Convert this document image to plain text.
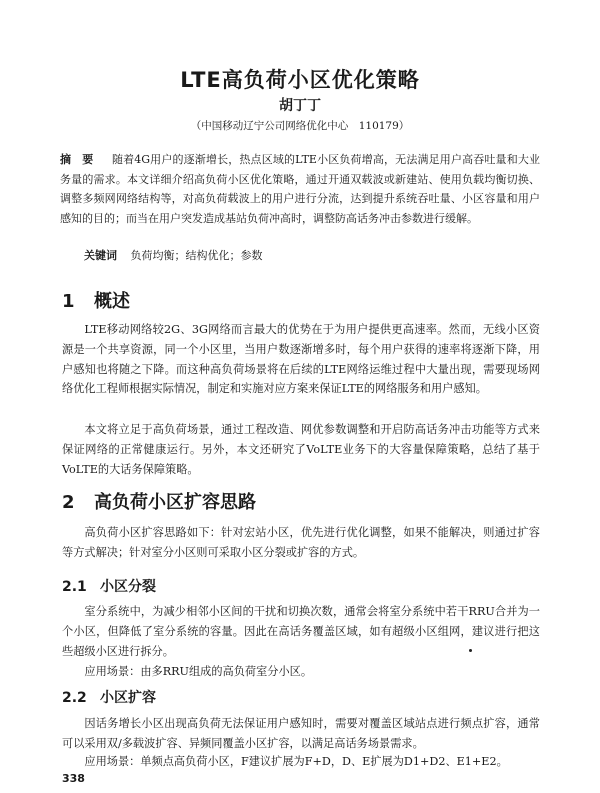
LTE高负荷小区优化策略
胡丁丁
（中国移动辽宁公司网络优化中心　110179）
摘　要 　 随着4G用户的逐渐增长，热点区域的LTE小区负荷增高，无法满足用户高吞吐量和大业务量的需求。本文详细介绍高负荷小区优化策略，通过开通双载波或新建站、使用负载均衡切换、调整多频网网络结构等，对高负荷载波上的用户进行分流，达到提升系统吞吐量、小区容量和用户感知的目的；而当在用户突发造成基站负荷冲高时，调整防高话务冲击参数进行缓解。
关键词 负荷均衡；结构优化；参数
1 概述
LTE移动网络较2G、3G网络而言最大的优势在于为用户提供更高速率。然而，无线小区资源是一个共享资源，同一个小区里，当用户数逐渐增多时，每个用户获得的速率将逐渐下降，用户感知也将随之下降。而这种高负荷场景将在后续的LTE网络运维过程中大量出现，需要现场网络优化工程师根据实际情况，制定和实施对应方案来保证LTE的网络服务和用户感知。
本文将立足于高负荷场景，通过工程改造、网优参数调整和开启防高话务冲击功能等方式来保证网络的正常健康运行。另外，本文还研究了VoLTE业务下的大容量保障策略，总结了基于VoLTE的大话务保障策略。
2 高负荷小区扩容思路
高负荷小区扩容思路如下：针对宏站小区，优先进行优化调整，如果不能解决，则通过扩容等方式解决；针对室分小区则可采取小区分裂或扩容的方式。
2.1 小区分裂
室分系统中，为减少相邻小区间的干扰和切换次数，通常会将室分系统中若干RRU合并为一个小区，但降低了室分系统的容量。因此在高话务覆盖区域，如有超级小区组网，建议进行把这些超级小区进行拆分。
应用场景：由多RRU组成的高负荷室分小区。
2.2 小区扩容
因话务增长小区出现高负荷无法保证用户感知时，需要对覆盖区域站点进行频点扩容，通常可以采用双/多载波扩容、异频同覆盖小区扩容，以满足高话务场景需求。
应用场景：单频点高负荷小区，F建议扩展为F+D，D、E扩展为D1+D2、E1+E2。
338
